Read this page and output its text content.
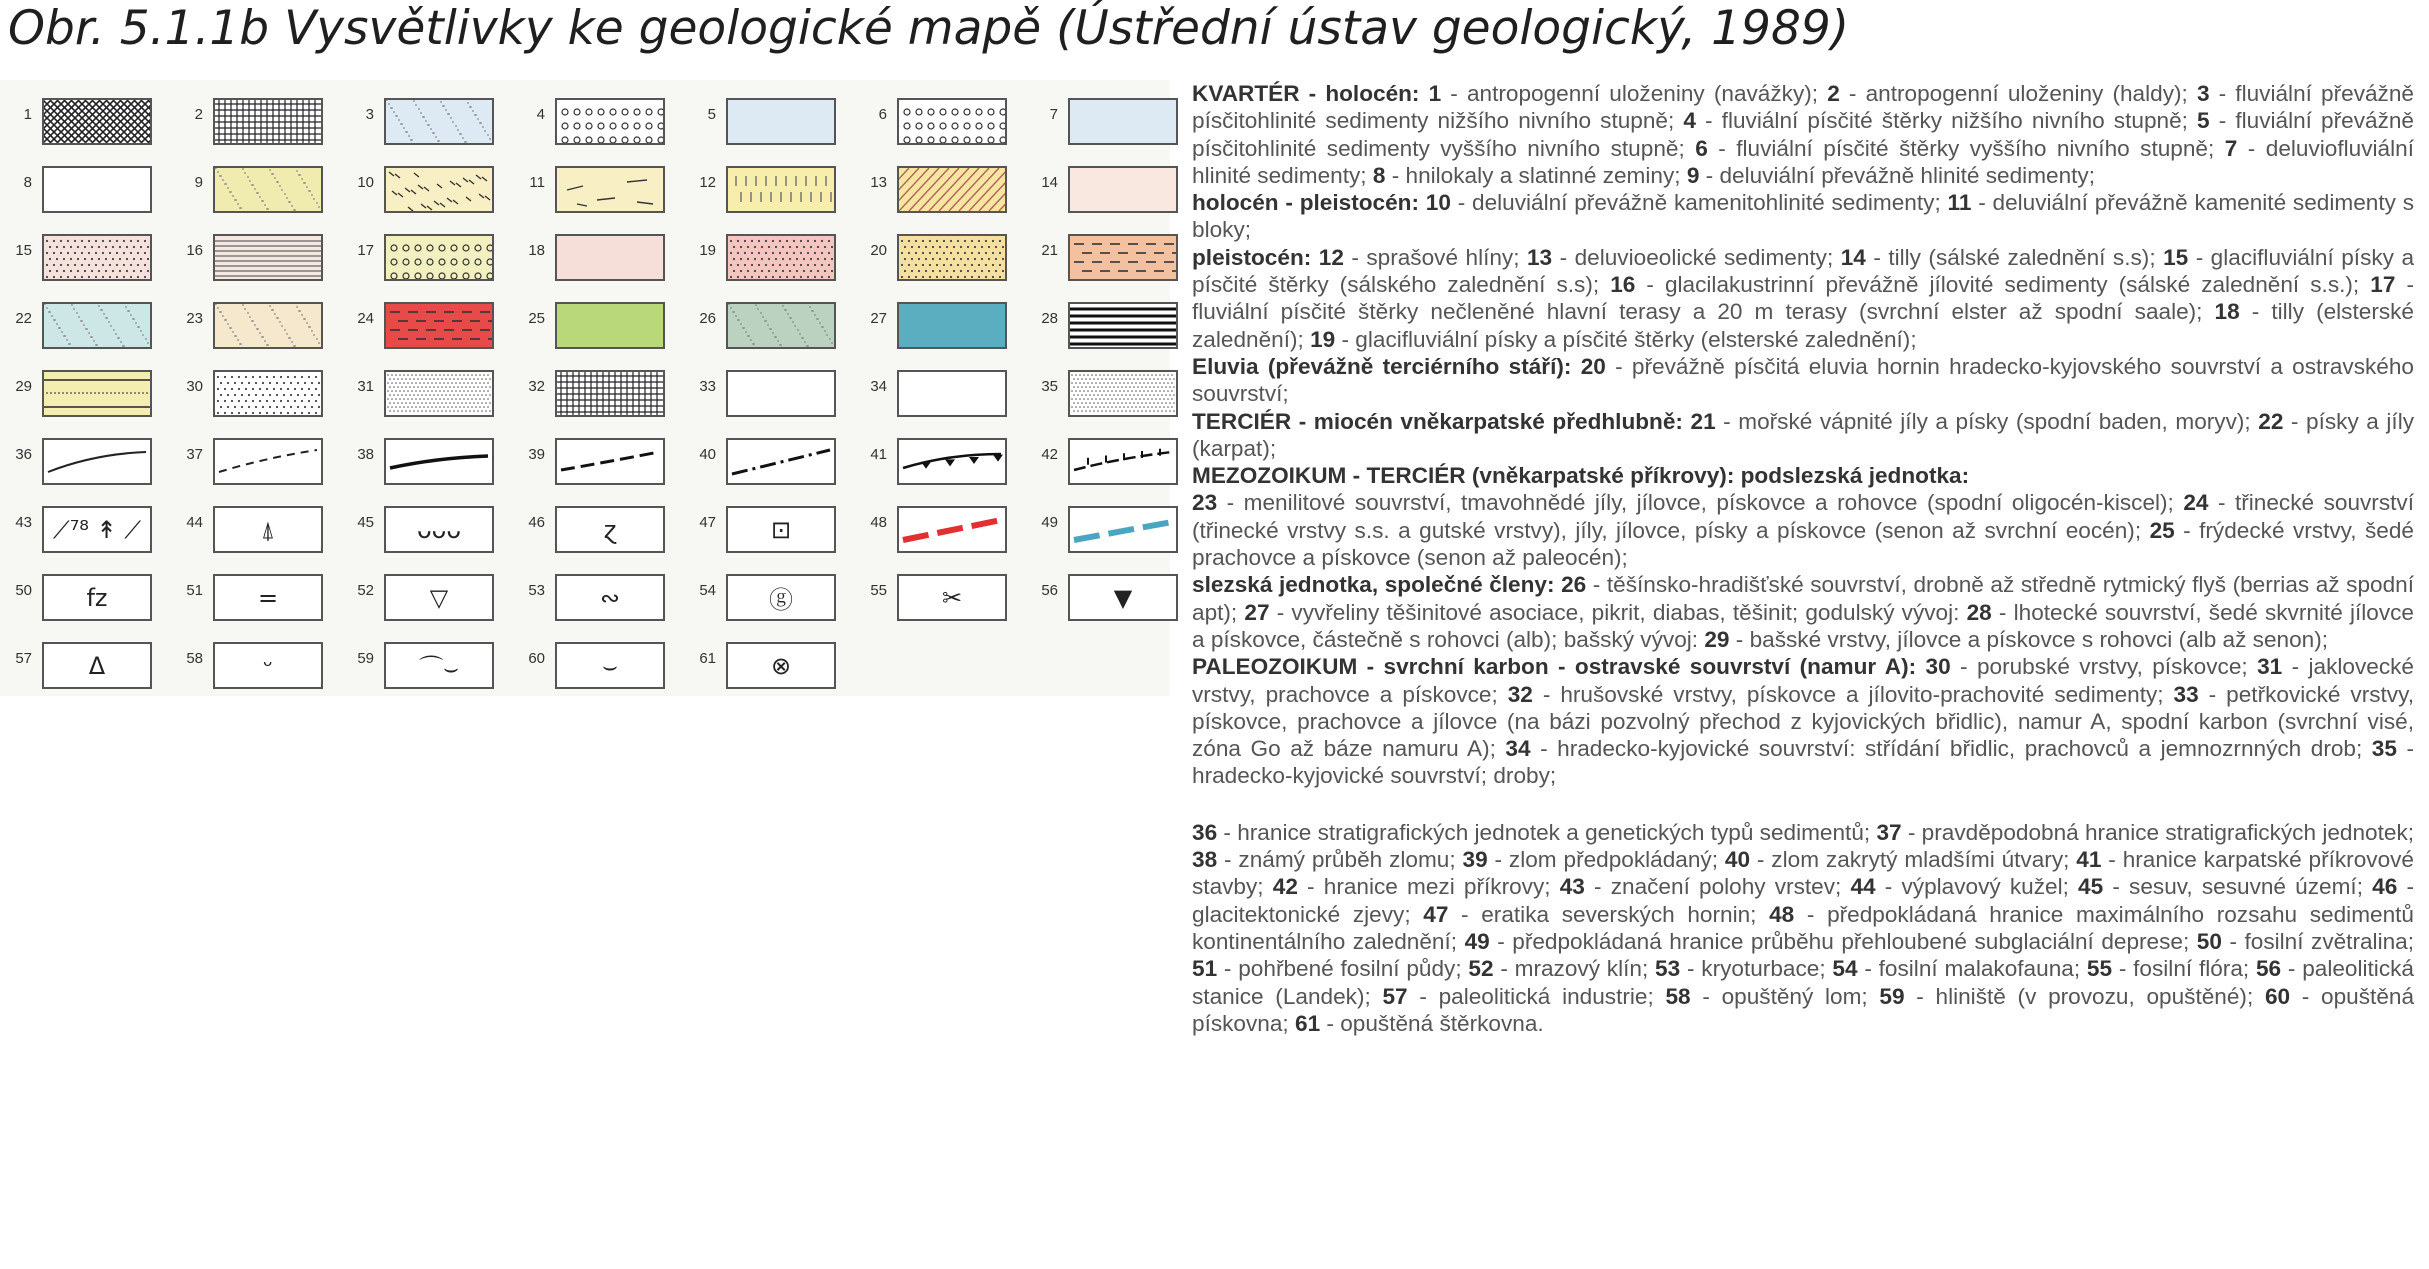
Obr. 5.1.1b Vysvětlivky ke geologické mapě (Ústřední ústav geologický, 1989)
1	2	3	4	5	6	7
8	9	10	11	12	13	14
15	16	17	18	19	20	21
22	23	24	25	26	27	28
29	30	31	32	33	34	35
36	37	38	39	40	41	42
43 ⟋⁷⁸ ↟ ⟋	44	⍋	45	ᴗᴗᴗ	46	ɀ	47	⊡	48	49
50	fz	51	=	52	▽	53	∾	54	ⓖ	55	✂	56	▼
57	Δ	58	ᵕ	59	⌒⌣	60	⌣	61	⊗

KVARTÉR - holocén: 1 - antropogenní uloženiny (navážky); 2 - antropogenní uloženiny (haldy); 3 - fluviální převážně písčitohlinité sedimenty nižšího nivního stupně; 4 - fluviální písčité štěrky nižšího nivního stupně; 5 - fluviální převážně písčitohlinité sedimenty vyššího nivního stupně; 6 - fluviální písčité štěrky vyššího nivního stupně; 7 - deluviofluviální hlinité sedimenty; 8 - hnilokaly a slatinné zeminy; 9 - deluviální převážně hlinité sedimenty;

holocén - pleistocén: 10 - deluviální převážně kamenitohlinité sedimenty; 11 - deluviální převážně kamenité sedimenty s bloky;

pleistocén: 12 - sprašové hlíny; 13 - deluvioeolické sedimenty; 14 - tilly (sálské zalednění s.s); 15 - glacifluviální písky a písčité štěrky (sálského zalednění s.s); 16 - glacilakustrinní převážně jílovité sedimenty (sálské zalednění s.s.); 17 - fluviální písčité štěrky nečleněné hlavní terasy a 20 m terasy (svrchní elster až spodní saale); 18 - tilly (elsterské zalednění); 19 - glacifluviální písky a písčité štěrky (elsterské zalednění);

Eluvia (převážně terciérního stáří): 20 - převážně písčitá eluvia hornin hradecko-kyjovského souvrství a ostravského souvrství;

TERCIÉR - miocén vněkarpatské předhlubně: 21 - mořské vápnité jíly a písky (spodní baden, moryv); 22 - písky a jíly (karpat);

MEZOZOIKUM - TERCIÉR (vněkarpatské příkrovy): podslezská jednotka:

23 - menilitové souvrství, tmavohnědé jíly, jílovce, pískovce a rohovce (spodní oligocén-kiscel); 24 - třinecké souvrství (třinecké vrstvy s.s. a gutské vrstvy), jíly, jílovce, písky a pískovce (senon až svrchní eocén); 25 - frýdecké vrstvy, šedé prachovce a pískovce (senon až paleocén);

slezská jednotka, společné členy: 26 - těšínsko-hradišťské souvrství, drobně až středně rytmický flyš (berrias až spodní apt); 27 - vyvřeliny těšinitové asociace, pikrit, diabas, těšinit; godulský vývoj: 28 - lhotecké souvrství, šedé skvrnité jílovce a pískovce, částečně s rohovci (alb); bašský vývoj: 29 - bašské vrstvy, jílovce a pískovce s rohovci (alb až senon);

PALEOZOIKUM - svrchní karbon - ostravské souvrství (namur A): 30 - porubské vrstvy, pískovce; 31 - jaklovecké vrstvy, prachovce a pískovce; 32 - hrušovské vrstvy, pískovce a jílovito-prachovité sedimenty; 33 - petřkovické vrstvy, pískovce, prachovce a jílovce (na bázi pozvolný přechod z kyjovických břidlic), namur A, spodní karbon (svrchní visé, zóna Go až báze namuru A); 34 - hradecko-kyjovické souvrství: střídání břidlic, prachovců a jemnozrnných drob; 35 - hradecko-kyjovické souvrství; droby;

36 - hranice stratigrafických jednotek a genetických typů sedimentů; 37 - pravděpodobná hranice stratigrafických jednotek; 38 - známý průběh zlomu; 39 - zlom předpokládaný; 40 - zlom zakrytý mladšími útvary; 41 - hranice karpatské příkrovové stavby; 42 - hranice mezi příkrovy; 43 - značení polohy vrstev; 44 - výplavový kužel; 45 - sesuv, sesuvné území; 46 - glacitektonické zjevy; 47 - eratika severských hornin; 48 - předpokládaná hranice maximálního rozsahu sedimentů kontinentálního zalednění; 49 - předpokládaná hranice průběhu přehloubené subglaciální deprese; 50 - fosilní zvětralina; 51 - pohřbené fosilní půdy; 52 - mrazový klín; 53 - kryoturbace; 54 - fosilní malakofauna; 55 - fosilní flóra; 56 - paleolitická stanice (Landek); 57 - paleolitická industrie; 58 - opuštěný lom; 59 - hliniště (v provozu, opuštěné); 60 - opuštěná pískovna; 61 - opuštěná štěrkovna.
